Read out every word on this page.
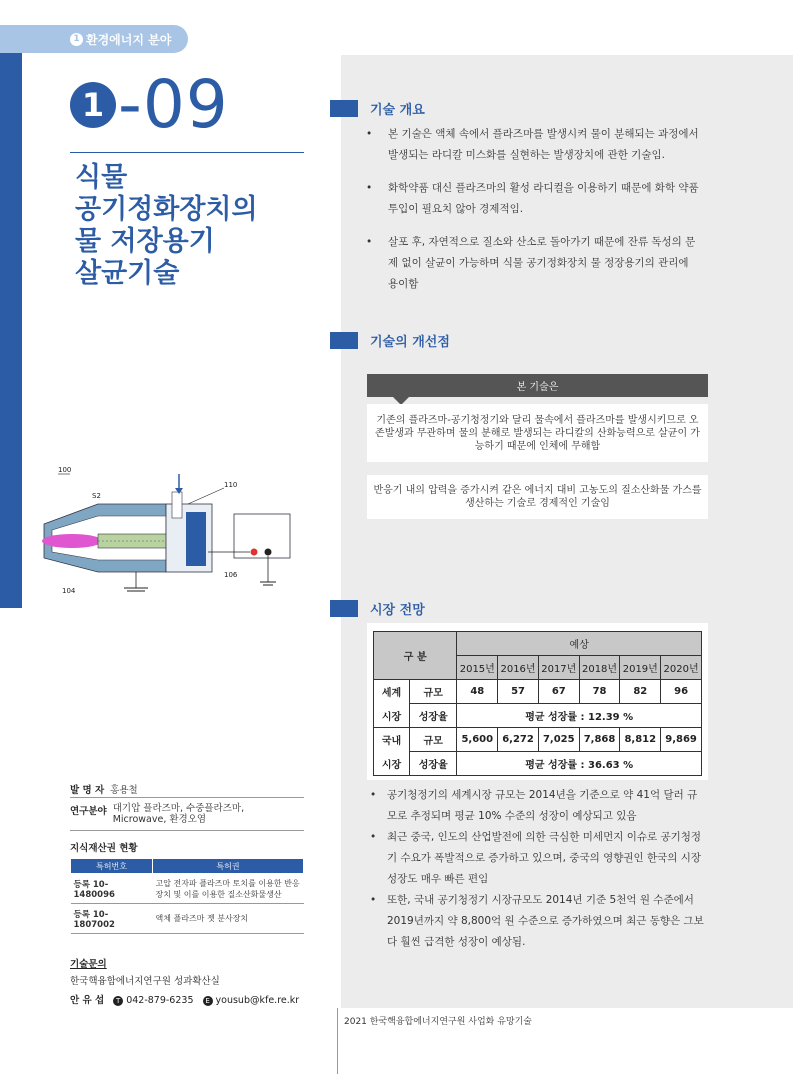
1 환경에너지 분야
1 -09
식물
공기정화장치의
물 저장용기
살균기술
100
S2
110
106
104
기술 개요
• 본 기술은 액체 속에서 플라즈마를 발생시켜 물이 분해되는 과정에서 발생되는 라디칼 미스화를 실현하는 발생장치에 관한 기술임.
• 화학약품 대신 플라즈마의 활성 라디컬을 이용하기 때문에 화학 약품 투입이 필요치 않아 경제적임.
• 살포 후, 자연적으로 질소와 산소로 돌아가기 때문에 잔류 독성의 문제 없이 살균이 가능하며 식물 공기정화장치 물 정장용기의 관리에 용이함
기술의 개선점
본 기술은
기존의 플라즈마-공기청정기와 달리 물속에서 플라즈마를 발생시키므로 오존발생과 무관하며 물의 분해로 발생되는 라디칼의 산화능력으로 살균이 가능하기 때문에 인체에 무해함
반응기 내의 압력을 증가시켜 같은 에너지 대비 고농도의 질소산화물 가스를 생산하는 기술로 경제적인 기술임
시장 전망
구 분		예상					
		2015년	2016년	2017년	2018년	2019년	2020년
세계	규모	48	57	67	78	82	96
시장	성장율	평균 성장률 : 12.39 %					
국내	규모	5,600	6,272	7,025	7,868	8,812	9,869
시장	성장율	평균 성장률 : 36.63 %					
• 공기청정기의 세계시장 규모는 2014년을 기준으로 약 41억 달러 규모로 추정되며 평균 10% 수준의 성장이 예상되고 있음
• 최근 중국, 인도의 산업발전에 의한 극심한 미세먼지 이슈로 공기청정기 수요가 폭발적으로 증가하고 있으며, 중국의 영향권인 한국의 시장 성장도 매우 빠른 편임
• 또한, 국내 공기청정기 시장규모도 2014년 기준 5천억 원 수준에서 2019년까지 약 8,800억 원 수준으로 증가하였으며 최근 동향은 그보다 훨씬 급격한 성장이 예상됨.
발 명 자 홍용철
연구분야 대기압 플라즈마, 수중플라즈마, Microwave, 환경오염
지식재산권 현황
특허번호	특허권
등록 10-1480096	고압 전자파 플라즈마 토치를 이용한 반응장치 및 이를 이용한 질소산화물생산
등록 10-1807002	액체 플라즈마 젯 분사장치
기술문의
한국핵융합에너지연구원 성과확산실
안 유 섭 T 042-879-6235 E yousub@kfe.re.kr
2021 한국핵융합에너지연구원 사업화 유망기술
